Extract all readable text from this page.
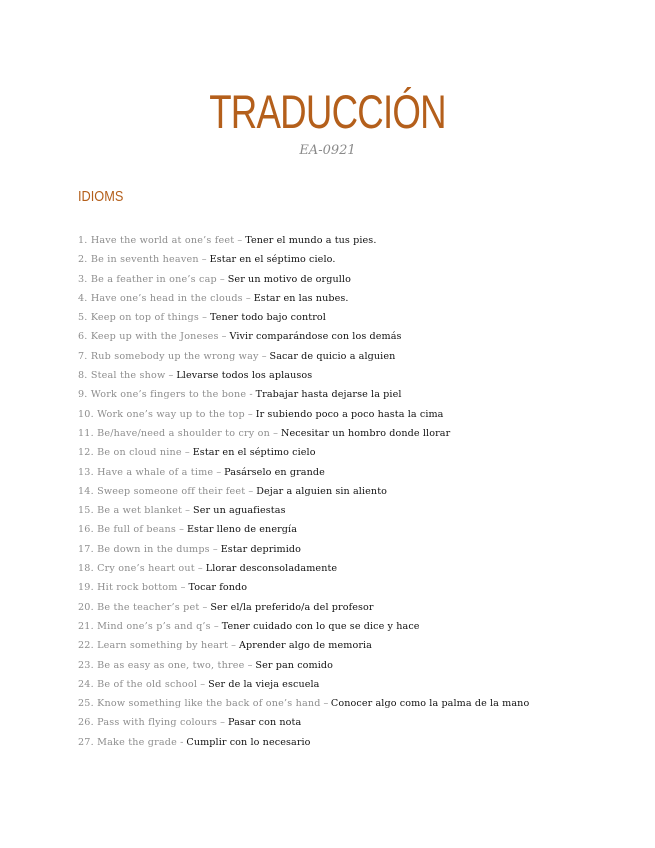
TRADUCCIÓN
EA-0921
IDIOMS
1. Have the world at one’s feet – Tener el mundo a tus pies.
2. Be in seventh heaven – Estar en el séptimo cielo.
3. Be a feather in one’s cap – Ser un motivo de orgullo
4. Have one’s head in the clouds – Estar en las nubes.
5. Keep on top of things – Tener todo bajo control
6. Keep up with the Joneses – Vivir comparándose con los demás
7. Rub somebody up the wrong way – Sacar de quicio a alguien
8. Steal the show – Llevarse todos los aplausos
9. Work one’s fingers to the bone - Trabajar hasta dejarse la piel
10. Work one’s way up to the top – Ir subiendo poco a poco hasta la cima
11. Be/have/need a shoulder to cry on – Necesitar un hombro donde llorar
12. Be on cloud nine – Estar en el séptimo cielo
13. Have a whale of a time – Pasárselo en grande
14. Sweep someone off their feet – Dejar a alguien sin aliento
15. Be a wet blanket – Ser un aguafiestas
16. Be full of beans – Estar lleno de energía
17. Be down in the dumps – Estar deprimido
18. Cry one’s heart out – Llorar desconsoladamente
19. Hit rock bottom – Tocar fondo
20. Be the teacher’s pet – Ser el/la preferido/a del profesor
21. Mind one’s p’s and q’s – Tener cuidado con lo que se dice y hace
22. Learn something by heart – Aprender algo de memoria
23. Be as easy as one, two, three – Ser pan comido
24. Be of the old school – Ser de la vieja escuela
25. Know something like the back of one’s hand – Conocer algo como la palma de la mano
26. Pass with flying colours – Pasar con nota
27. Make the grade - Cumplir con lo necesario
